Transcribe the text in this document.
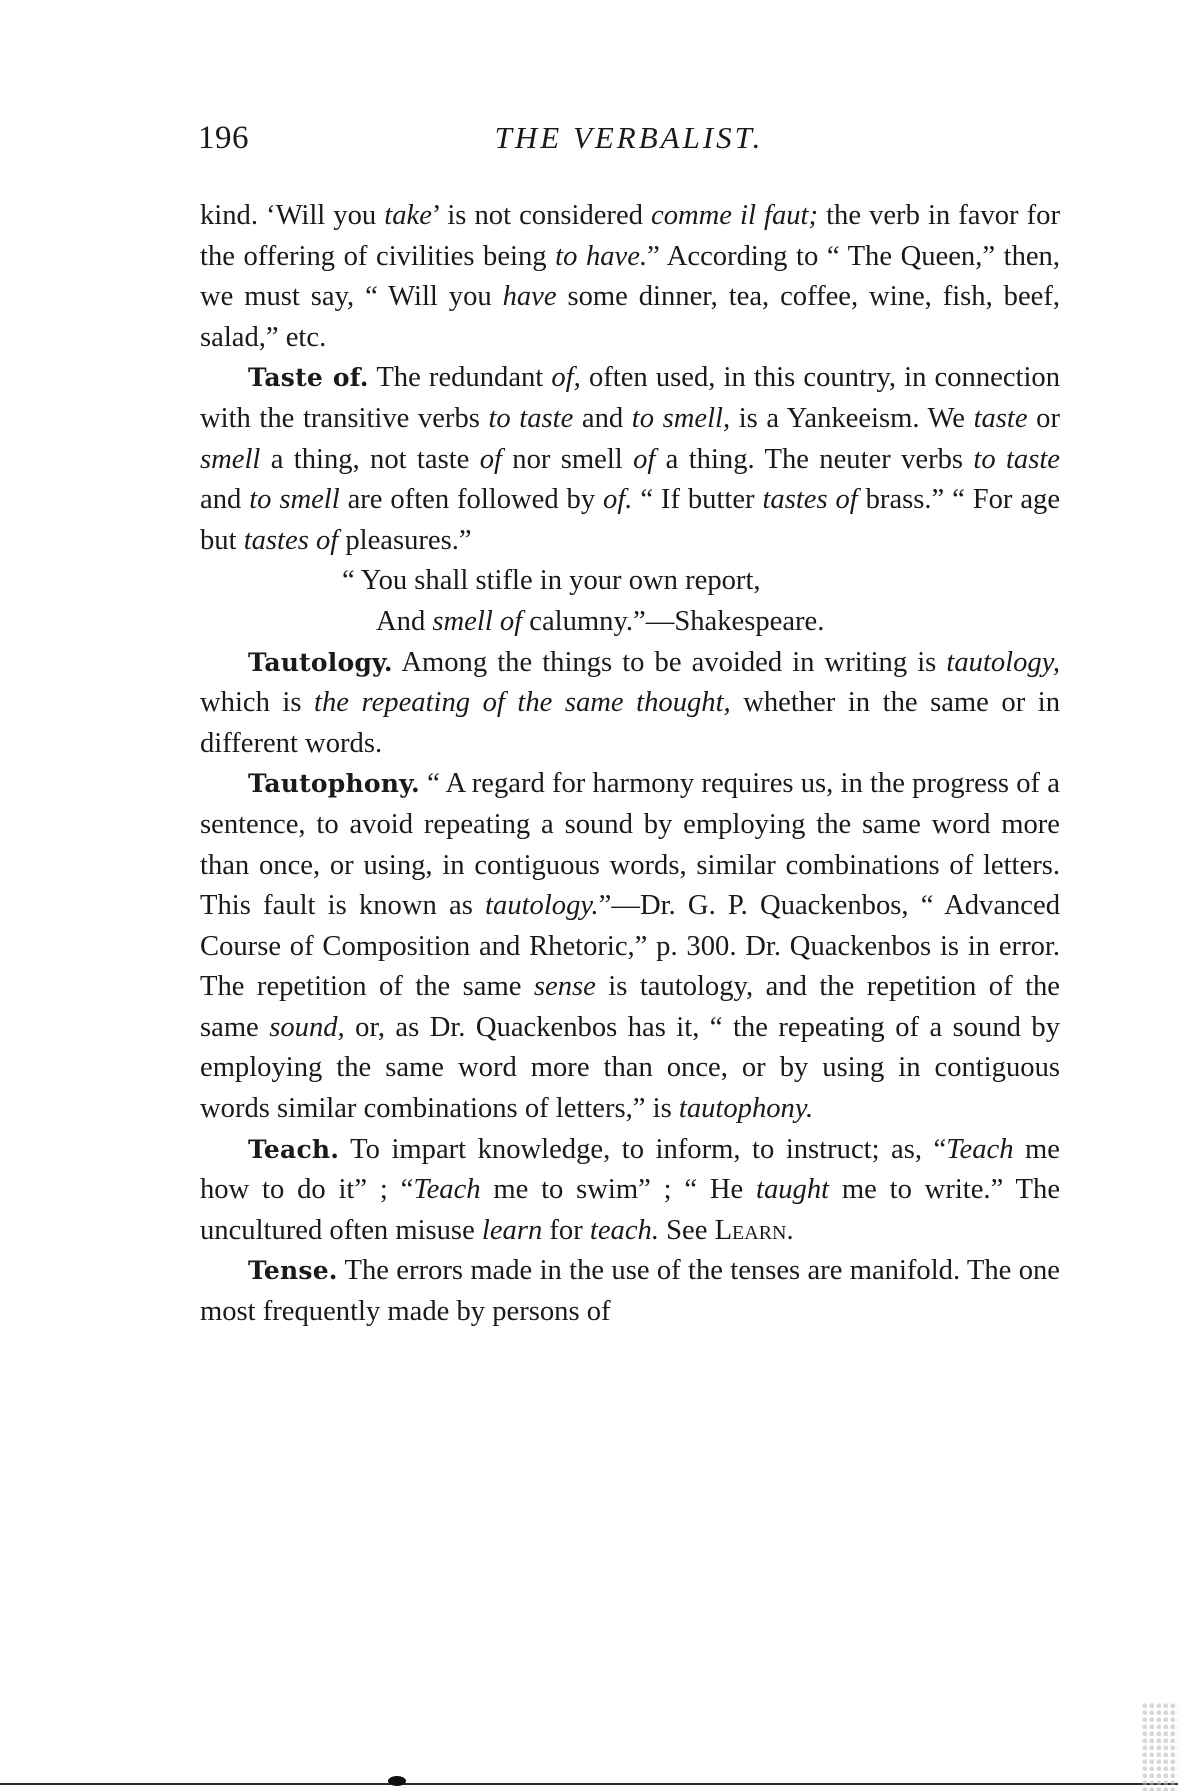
196	THE VERBALIST.

kind. ‘Will you take’ is not considered comme il faut; the verb in favor for the offering of civilities being to have.” According to “ The Queen,” then, we must say, “ Will you have some dinner, tea, coffee, wine, fish, beef, salad,” etc.

Taste of. The redundant of, often used, in this country, in connection with the transitive verbs to taste and to smell, is a Yankeeism. We taste or smell a thing, not taste of nor smell of a thing. The neuter verbs to taste and to smell are often followed by of. “ If butter tastes of brass.” “ For age but tastes of pleasures.”

“ You shall stifle in your own report,

And smell of calumny.”—Shakespeare.

Tautology. Among the things to be avoided in writing is tautology, which is the repeating of the same thought, whether in the same or in different words.

Tautophony. “ A regard for harmony requires us, in the progress of a sentence, to avoid repeating a sound by employing the same word more than once, or using, in contiguous words, similar combinations of letters. This fault is known as tautology.”—Dr. G. P. Quackenbos, “ Advanced Course of Composition and Rhetoric,” p. 300. Dr. Quackenbos is in error. The repetition of the same sense is tautology, and the repetition of the same sound, or, as Dr. Quackenbos has it, “ the repeating of a sound by employing the same word more than once, or by using in contiguous words similar combinations of letters,” is tautophony.

Teach. To impart knowledge, to inform, to instruct; as, “Teach me how to do it” ; “Teach me to swim” ; “ He taught me to write.” The uncultured often misuse learn for teach. See Learn.

Tense. The errors made in the use of the tenses are manifold. The one most frequently made by persons of
